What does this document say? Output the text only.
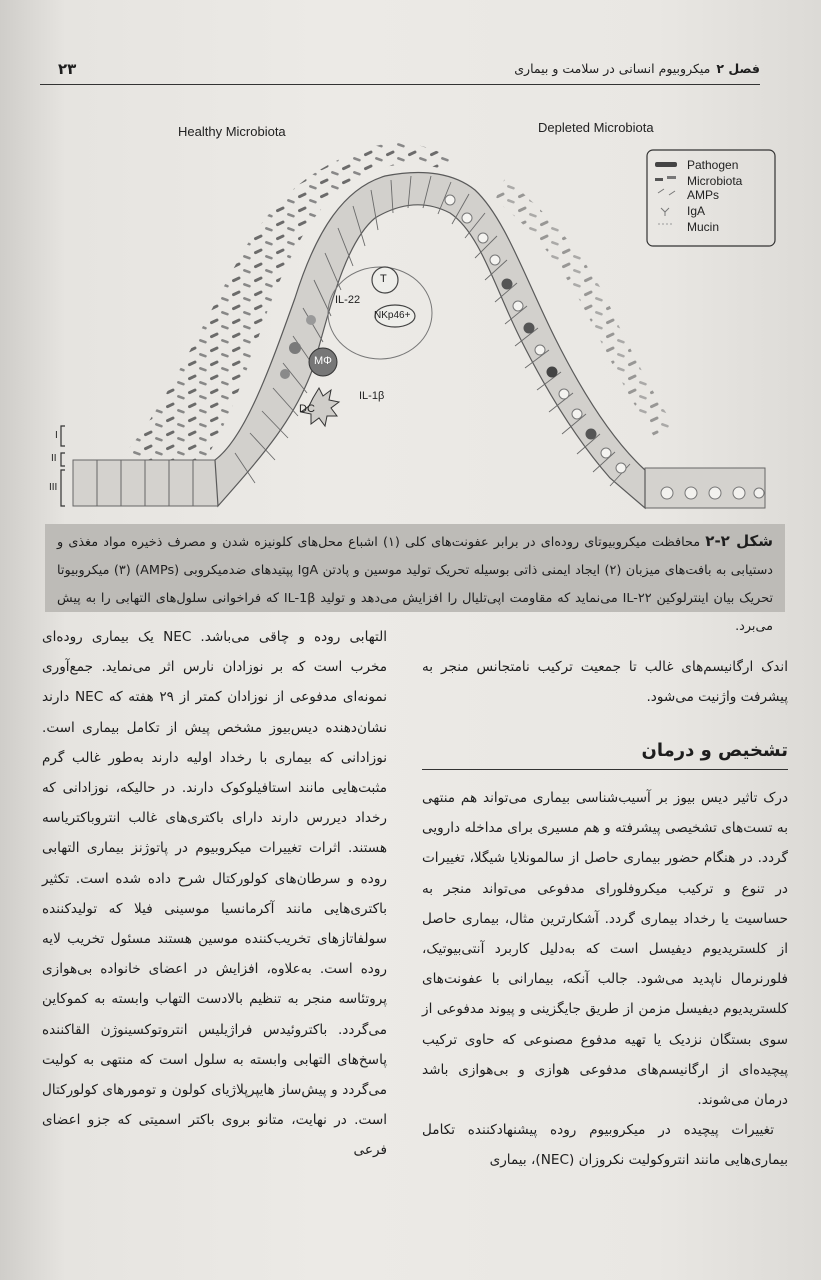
۲۳	فصل ۲میکروبیوم انسانی در سلامت و بیماری
Healthy Microbiota	Depleted Microbiota
Pathogen
Microbiota
AMPs
IgA
Mucin
T
IL-22
NKp46+
MΦ
DC
IL-1β
I
II
III
شکل ۲-۲ محافظت میکروبیوتای روده‌ای در برابر عفونت‌های کلی (۱) اشباع محل‌های کلونیزه شدن و مصرف ذخیره مواد مغذی و دستیابی به بافت‌های میزبان (۲) ایجاد ایمنی ذاتی بوسیله تحریک تولید موسین و پادتن IgA پپتیدهای ضدمیکروبی (AMPs) (۳) میکروبیوتا تحریک بیان اینترلوکین IL-۲۲ می‌نماید که مقاومت اپی‌تلیال را افزایش می‌دهد و تولید IL-1β که فراخوانی سلول‌های التهابی را به پیش می‌برد.

اندک ارگانیسم‌های غالب تا جمعیت ترکیب نامتجانس منجر به پیشرفت واژنیت می‌شود.

تشخیص و درمان

درک تاثیر دیس بیوز بر آسیب‌شناسی بیماری می‌تواند هم منتهی به تست‌های تشخیصی پیشرفته و هم مسیری برای مداخله دارویی گردد. در هنگام حضور بیماری حاصل از سالمونلایا شیگلا، تغییرات در تنوع و ترکیب میکروفلورای مدفوعی می‌تواند منجر به حساسیت یا رخداد بیماری گردد. آشکارترین مثال، بیماری حاصل از کلستریدیوم دیفیسل است که به‌دلیل کاربرد آنتی‌بیوتیک، فلورنرمال ناپدید می‌شود. جالب آنکه، بیمارانی با عفونت‌های کلستریدیوم دیفیسل مزمن از طریق جایگزینی و پیوند مدفوعی از سوی بستگان نزدیک یا تهیه مدفوع مصنوعی که حاوی ترکیب پیچیده‌ای از ارگانیسم‌های مدفوعی هوازی و بی‌هوازی باشد درمان می‌شوند.

تغییرات پیچیده در میکروبیوم روده پیشنهادکننده تکامل بیماری‌هایی مانند انتروکولیت نکروزان (NEC)، بیماری

التهابی روده و چاقی می‌باشد. NEC یک بیماری روده‌ای مخرب است که بر نوزادان نارس اثر می‌نماید. جمع‌آوری نمونه‌ای مدفوعی از نوزادان کمتر از ۲۹ هفته که NEC دارند نشان‌دهنده دیس‌بیوز مشخص پیش از تکامل بیماری است. نوزادانی که بیماری با رخداد اولیه دارند به‌طور غالب گرم مثبت‌هایی مانند استافیلوکوک دارند. در حالیکه، نوزادانی که رخداد دیررس دارند دارای باکتری‌های غالب انتروباکتریاسه هستند. اثرات تغییرات میکروبیوم در پاتوژنز بیماری التهابی روده و سرطان‌های کولورکتال شرح داده شده است. تکثیر باکتری‌هایی مانند آکرمانسیا موسینی فیلا که تولیدکننده سولفاتازهای تخریب‌کننده موسین هستند مسئول تخریب لایه روده است. به‌علاوه، افزایش در اعضای خانواده بی‌هوازی پروتئاسه منجر به تنظیم بالادست التهاب وابسته به کموکاین می‌گردد. باکتروئیدس فراژیلیس انتروتوکسینوژن القاکننده پاسخ‌های التهابی وابسته به سلول است که منتهی به کولیت می‌گردد و پیش‌ساز هایپرپلاژیای کولون و تومورهای کولورکتال است. در نهایت، متانو بروی باکتر اسمیتی که جزو اعضای فرعی
